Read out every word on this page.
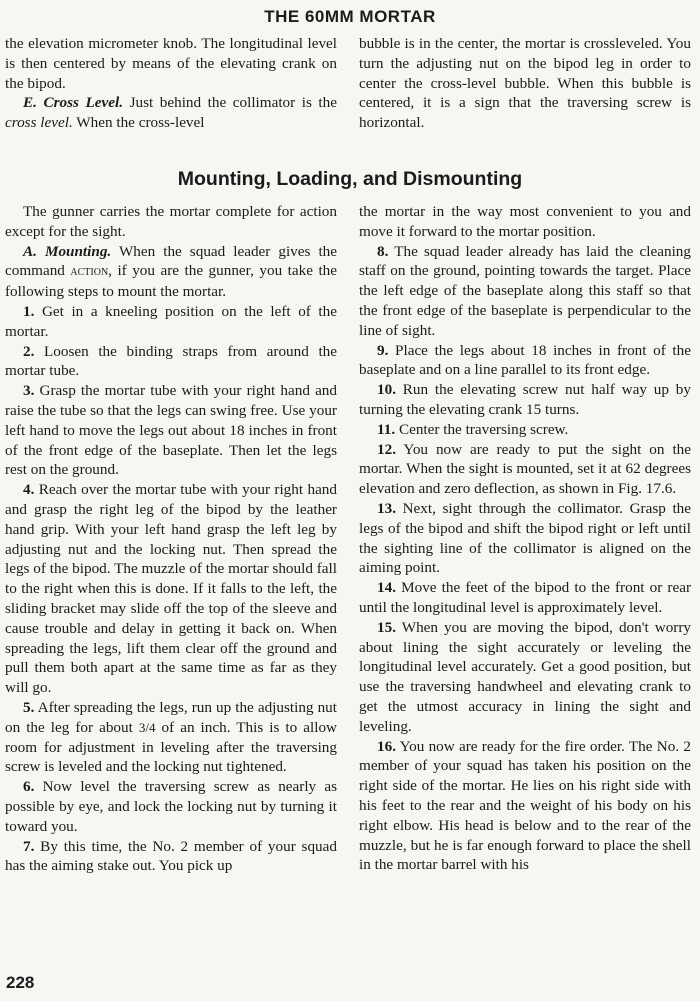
THE 60MM MORTAR

the elevation micrometer knob. The longitudinal level is then centered by means of the elevating crank on the bipod.

E. Cross Level. Just behind the collimator is the cross level. When the cross-level

bubble is in the center, the mortar is crossleveled. You turn the adjusting nut on the bipod leg in order to center the cross-level bubble. When this bubble is centered, it is a sign that the traversing screw is horizontal.

Mounting, Loading, and Dismounting

The gunner carries the mortar complete for action except for the sight.

A. Mounting. When the squad leader gives the command action, if you are the gunner, you take the following steps to mount the mortar.

1. Get in a kneeling position on the left of the mortar.

2. Loosen the binding straps from around the mortar tube.

3. Grasp the mortar tube with your right hand and raise the tube so that the legs can swing free. Use your left hand to move the legs out about 18 inches in front of the front edge of the baseplate. Then let the legs rest on the ground.

4. Reach over the mortar tube with your right hand and grasp the right leg of the bipod by the leather hand grip. With your left hand grasp the left leg by adjusting nut and the locking nut. Then spread the legs of the bipod. The muzzle of the mortar should fall to the right when this is done. If it falls to the left, the sliding bracket may slide off the top of the sleeve and cause trouble and delay in getting it back on. When spreading the legs, lift them clear off the ground and pull them both apart at the same time as far as they will go.

5. After spreading the legs, run up the adjusting nut on the leg for about 3/4 of an inch. This is to allow room for adjustment in leveling after the traversing screw is leveled and the locking nut tightened.

6. Now level the traversing screw as nearly as possible by eye, and lock the locking nut by turning it toward you.

7. By this time, the No. 2 member of your squad has the aiming stake out. You pick up

the mortar in the way most convenient to you and move it forward to the mortar position.

8. The squad leader already has laid the cleaning staff on the ground, pointing towards the target. Place the left edge of the baseplate along this staff so that the front edge of the baseplate is perpendicular to the line of sight.

9. Place the legs about 18 inches in front of the baseplate and on a line parallel to its front edge.

10. Run the elevating screw nut half way up by turning the elevating crank 15 turns.

11. Center the traversing screw.

12. You now are ready to put the sight on the mortar. When the sight is mounted, set it at 62 degrees elevation and zero deflection, as shown in Fig. 17.6.

13. Next, sight through the collimator. Grasp the legs of the bipod and shift the bipod right or left until the sighting line of the collimator is aligned on the aiming point.

14. Move the feet of the bipod to the front or rear until the longitudinal level is approximately level.

15. When you are moving the bipod, don't worry about lining the sight accurately or leveling the longitudinal level accurately. Get a good position, but use the traversing handwheel and elevating crank to get the utmost accuracy in lining the sight and leveling.

16. You now are ready for the fire order. The No. 2 member of your squad has taken his position on the right side of the mortar. He lies on his right side with his feet to the rear and the weight of his body on his right elbow. His head is below and to the rear of the muzzle, but he is far enough forward to place the shell in the mortar barrel with his

228
